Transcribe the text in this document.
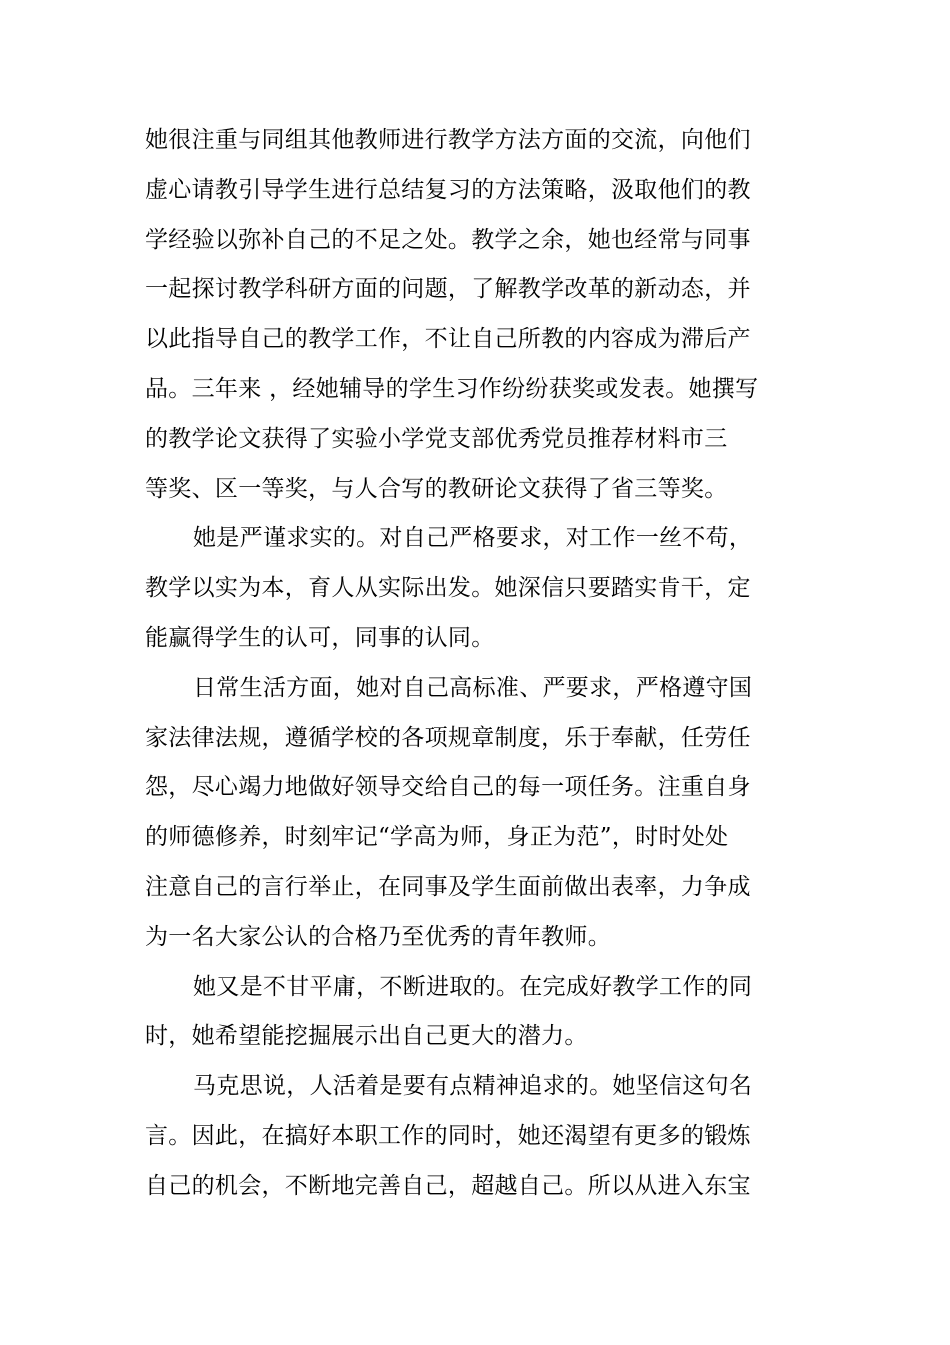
她很注重与同组其他教师进行教学方法方面的交流，向他们
虚心请教引导学生进行总结复习的方法策略，汲取他们的教
学经验以弥补自己的不足之处。教学之余，她也经常与同事
一起探讨教学科研方面的问题，了解教学改革的新动态，并
以此指导自己的教学工作，不让自己所教的内容成为滞后产
品。三年来 ，经她辅导的学生习作纷纷获奖或发表。她撰写
的教学论文获得了实验小学党支部优秀党员推荐材料市三
等奖、区一等奖，与人合写的教研论文获得了省三等奖。
她是严谨求实的。对自己严格要求，对工作一丝不苟，
教学以实为本，育人从实际出发。她深信只要踏实肯干，定
能赢得学生的认可，同事的认同。
日常生活方面，她对自己高标准、严要求，严格遵守国
家法律法规，遵循学校的各项规章制度，乐于奉献，任劳任
怨，尽心竭力地做好领导交给自己的每一项任务。注重自身
的师德修养，时刻牢记“学高为师，身正为范”，时时处处
注意自己的言行举止，在同事及学生面前做出表率，力争成
为一名大家公认的合格乃至优秀的青年教师。
她又是不甘平庸，不断进取的。在完成好教学工作的同
时，她希望能挖掘展示出自己更大的潜力。
马克思说，人活着是要有点精神追求的。她坚信这句名
言。因此，在搞好本职工作的同时，她还渴望有更多的锻炼
自己的机会，不断地完善自己，超越自己。所以从进入东宝
